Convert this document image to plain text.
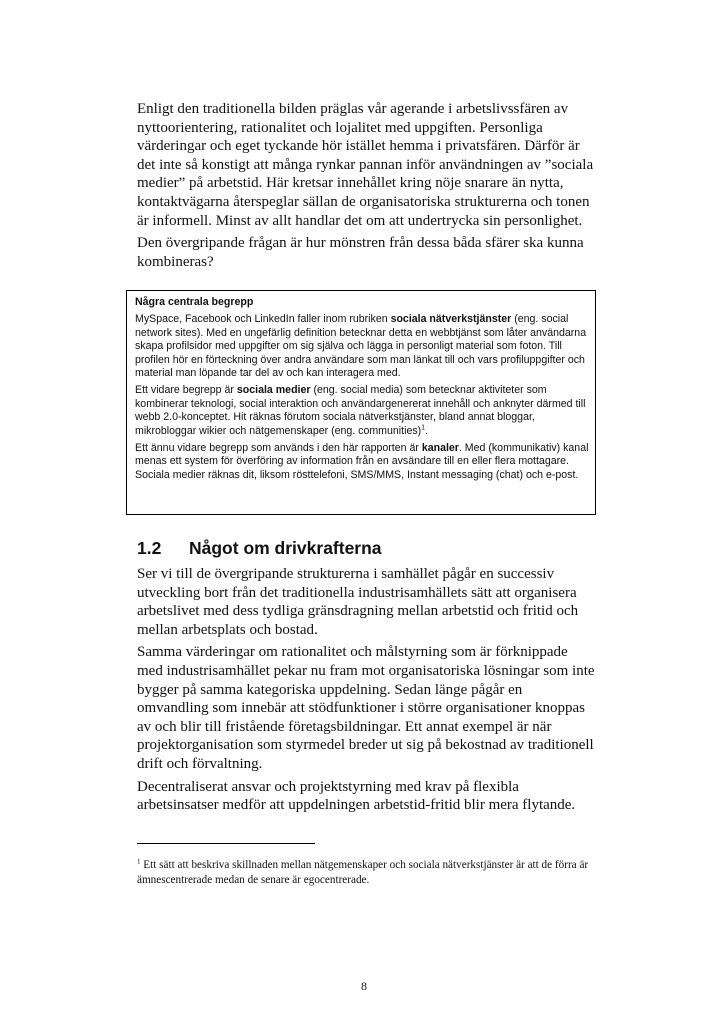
Enligt den traditionella bilden präglas vår agerande i arbetslivssfären av nyttoorientering, rationalitet och lojalitet med uppgiften. Personliga värderingar och eget tyckande hör istället hemma i privatsfären. Därför är det inte så konstigt att många rynkar pannan inför användningen av ”sociala medier” på arbetstid. Här kretsar innehållet kring nöje snarare än nytta, kontaktvägarna återspeglar sällan de organisatoriska strukturerna och tonen är informell. Minst av allt handlar det om att undertrycka sin personlighet.

Den övergripande frågan är hur mönstren från dessa båda sfärer ska kunna kombineras?

Några centrala begrepp

MySpace, Facebook och LinkedIn faller inom rubriken sociala nätverkstjänster (eng. social network sites). Med en ungefärlig definition betecknar detta en webbtjänst som låter användarna skapa profilsidor med uppgifter om sig själva och lägga in personligt material som foton. Till profilen hör en förteckning över andra användare som man länkat till och vars profiluppgifter och material man löpande tar del av och kan interagera med.

Ett vidare begrepp är sociala medier (eng. social media) som betecknar aktiviteter som kombinerar teknologi, social interaktion och användargenererat innehåll och anknyter därmed till webb 2.0-konceptet. Hit räknas förutom sociala nätverkstjänster, bland annat bloggar, mikrobloggar wikier och nätgemenskaper (eng. communities)$^1$.

Ett ännu vidare begrepp som används i den här rapporten är kanaler. Med (kommunikativ) kanal menas ett system för överföring av information från en avsändare till en eller flera mottagare. Sociala medier räknas dit, liksom rösttelefoni, SMS/MMS, Instant messaging (chat) och e-post.

1.2 Något om drivkrafterna

Ser vi till de övergripande strukturerna i samhället pågår en successiv utveckling bort från det traditionella industrisamhällets sätt att organisera arbetslivet med dess tydliga gränsdragning mellan arbetstid och fritid och mellan arbetsplats och bostad.

Samma värderingar om rationalitet och målstyrning som är förknippade med industrisamhället pekar nu fram mot organisatoriska lösningar som inte bygger på samma kategoriska uppdelning. Sedan länge pågår en omvandling som innebär att stödfunktioner i större organisationer knoppas av och blir till fristående företagsbildningar. Ett annat exempel är när projektorganisation som styrmedel breder ut sig på bekostnad av traditionell drift och förvaltning.

Decentraliserat ansvar och projektstyrning med krav på flexibla arbetsinsatser medför att uppdelningen arbetstid-fritid blir mera flytande.

$^1$ Ett sätt att beskriva skillnaden mellan nätgemenskaper och sociala nätverkstjänster är att de förra är ämnescentrerade medan de senare är egocentrerade.
8
